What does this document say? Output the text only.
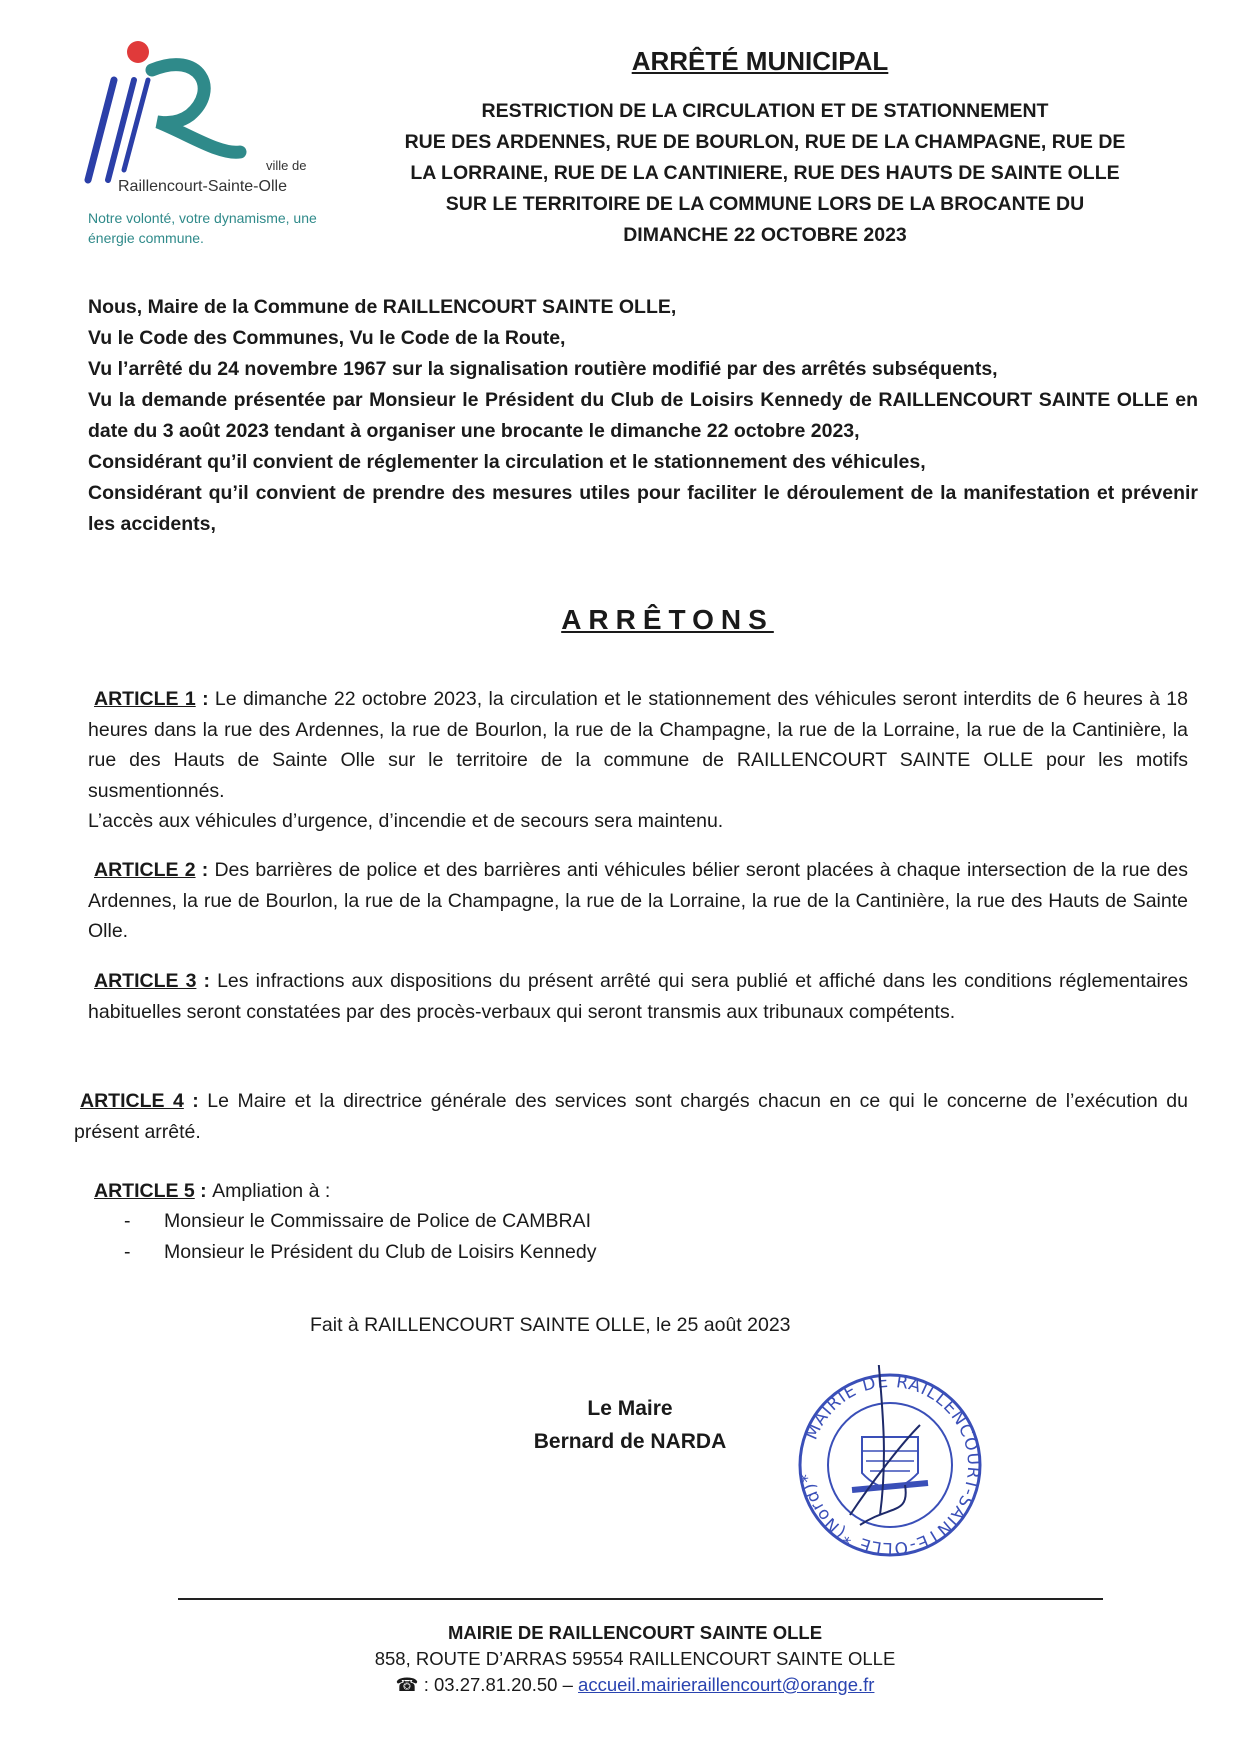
ville de
Raillencourt-Sainte-Olle
Notre volonté, votre dynamisme, une énergie commune.
ARRÊTÉ MUNICIPAL
RESTRICTION DE LA CIRCULATION ET DE STATIONNEMENT
RUE DES ARDENNES, RUE DE BOURLON, RUE DE LA CHAMPAGNE, RUE DE
LA LORRAINE, RUE DE LA CANTINIERE, RUE DES HAUTS DE SAINTE OLLE
SUR LE TERRITOIRE DE LA COMMUNE LORS DE LA BROCANTE DU
DIMANCHE 22 OCTOBRE 2023

Nous, Maire de la Commune de RAILLENCOURT SAINTE OLLE,

Vu le Code des Communes, Vu le Code de la Route,

Vu l’arrêté du 24 novembre 1967 sur la signalisation routière modifié par des arrêtés subséquents,

Vu la demande présentée par Monsieur le Président du Club de Loisirs Kennedy de RAILLENCOURT SAINTE OLLE en date du 3 août 2023 tendant à organiser une brocante le dimanche 22 octobre 2023,

Considérant qu’il convient de réglementer la circulation et le stationnement des véhicules,

Considérant qu’il convient de prendre des mesures utiles pour faciliter le déroulement de la manifestation et prévenir les accidents,

ARRÊTONS

ARTICLE 1 : Le dimanche 22 octobre 2023, la circulation et le stationnement des véhicules seront interdits de 6 heures à 18 heures dans la rue des Ardennes, la rue de Bourlon, la rue de la Champagne, la rue de la Lorraine, la rue de la Cantinière, la rue des Hauts de Sainte Olle sur le territoire de la commune de RAILLENCOURT SAINTE OLLE pour les motifs susmentionnés.

L’accès aux véhicules d’urgence, d’incendie et de secours sera maintenu.

ARTICLE 2 : Des barrières de police et des barrières anti véhicules bélier seront placées à chaque intersection de la rue des Ardennes, la rue de Bourlon, la rue de la Champagne, la rue de la Lorraine, la rue de la Cantinière, la rue des Hauts de Sainte Olle.

ARTICLE 3 : Les infractions aux dispositions du présent arrêté qui sera publié et affiché dans les conditions réglementaires habituelles seront constatées par des procès-verbaux qui seront transmis aux tribunaux compétents.

ARTICLE 4 : Le Maire et la directrice générale des services sont chargés chacun en ce qui le concerne de l’exécution du présent arrêté.

ARTICLE 5 : Ampliation à :

-	Monsieur le Commissaire de Police de CAMBRAI
-	Monsieur le Président du Club de Loisirs Kennedy
Fait à RAILLENCOURT SAINTE OLLE, le 25 août 2023
Le Maire
Bernard de NARDA	MAIRIE DE RAILLENCOURT-SAINTE-OLLE *(Nord)*
MAIRIE DE RAILLENCOURT SAINTE OLLE
858, ROUTE D’ARRAS 59554 RAILLENCOURT SAINTE OLLE
☎ : 03.27.81.20.50 – accueil.mairieraillencourt@orange.fr
